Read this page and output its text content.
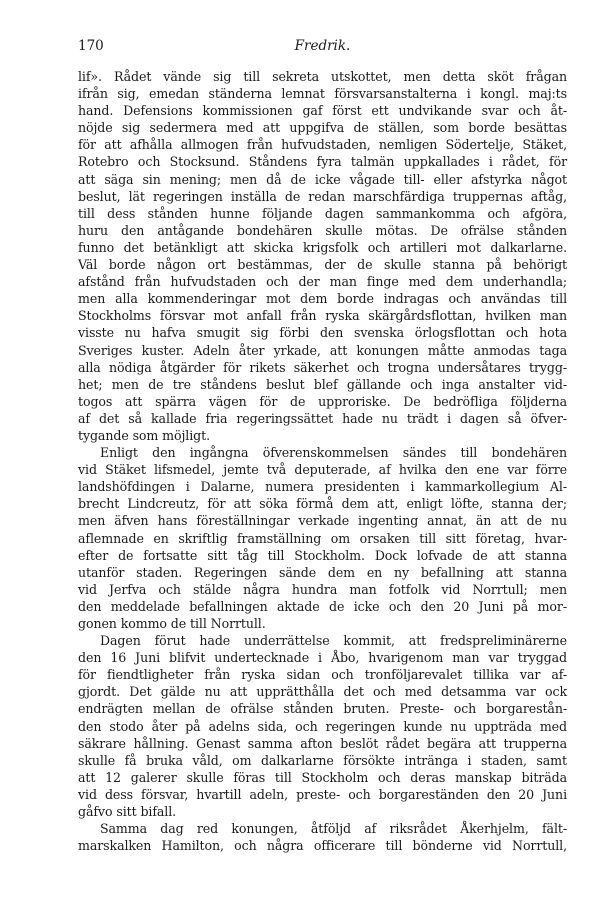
170	Fredrik.
lif». Rådet vände sig till sekreta utskottet, men detta sköt frågan
ifrån sig, emedan ständerna lemnat försvarsanstalterna i kongl. maj:ts
hand. Defensions kommissionen gaf först ett undvikande svar och åt-
nöjde sig sedermera med att uppgifva de ställen, som borde besättas
för att afhålla allmogen från hufvudstaden, nemligen Södertelje, Stäket,
Rotebro och Stocksund. Ståndens fyra talmän uppkallades i rådet, för
att säga sin mening; men då de icke vågade till- eller afstyrka något
beslut, lät regeringen inställa de redan marschfärdiga truppernas aftåg,
till dess stånden hunne följande dagen sammankomma och afgöra,
huru den antågande bondehären skulle mötas. De ofrälse stånden
funno det betänkligt att skicka krigsfolk och artilleri mot dalkarlarne.
Väl borde någon ort bestämmas, der de skulle stanna på behörigt
afstånd från hufvudstaden och der man finge med dem underhandla;
men alla kommenderingar mot dem borde indragas och användas till
Stockholms försvar mot anfall från ryska skärgårdsflottan, hvilken man
visste nu hafva smugit sig förbi den svenska örlogsflottan och hota
Sveriges kuster. Adeln åter yrkade, att konungen måtte anmodas taga
alla nödiga åtgärder för rikets säkerhet och trogna undersåtares trygg-
het; men de tre ståndens beslut blef gällande och inga anstalter vid-
togos att spärra vägen för de upproriske. De bedröfliga följderna
af det så kallade fria regeringssättet hade nu trädt i dagen så öfver-
tygande som möjligt.
Enligt den ingångna öfverenskommelsen sändes till bondehären
vid Stäket lifsmedel, jemte två deputerade, af hvilka den ene var förre
landshöfdingen i Dalarne, numera presidenten i kammarkollegium Al-
brecht Lindcreutz, för att söka förmå dem att, enligt löfte, stanna der;
men äfven hans föreställningar verkade ingenting annat, än att de nu
aflemnade en skriftlig framställning om orsaken till sitt företag, hvar-
efter de fortsatte sitt tåg till Stockholm. Dock lofvade de att stanna
utanför staden. Regeringen sände dem en ny befallning att stanna
vid Jerfva och stälde några hundra man fotfolk vid Norrtull; men
den meddelade befallningen aktade de icke och den 20 Juni på mor-
gonen kommo de till Norrtull.
Dagen förut hade underrättelse kommit, att fredspreliminärerne
den 16 Juni blifvit undertecknade i Åbo, hvarigenom man var tryggad
för fiendtligheter från ryska sidan och tronföljarevalet tillika var af-
gjordt. Det gälde nu att upprätthålla det och med detsamma var ock
endrägten mellan de ofrälse stånden bruten. Preste- och borgarestån-
den stodo åter på adelns sida, och regeringen kunde nu uppträda med
säkrare hållning. Genast samma afton beslöt rådet begära att trupperna
skulle få bruka våld, om dalkarlarne försökte intränga i staden, samt
att 12 galerer skulle föras till Stockholm och deras manskap biträda
vid dess försvar, hvartill adeln, preste- och borgareständen den 20 Juni
gåfvo sitt bifall.
Samma dag red konungen, åtföljd af riksrådet Åkerhjelm, fält-
marskalken Hamilton, och några officerare till bönderne vid Norrtull,
